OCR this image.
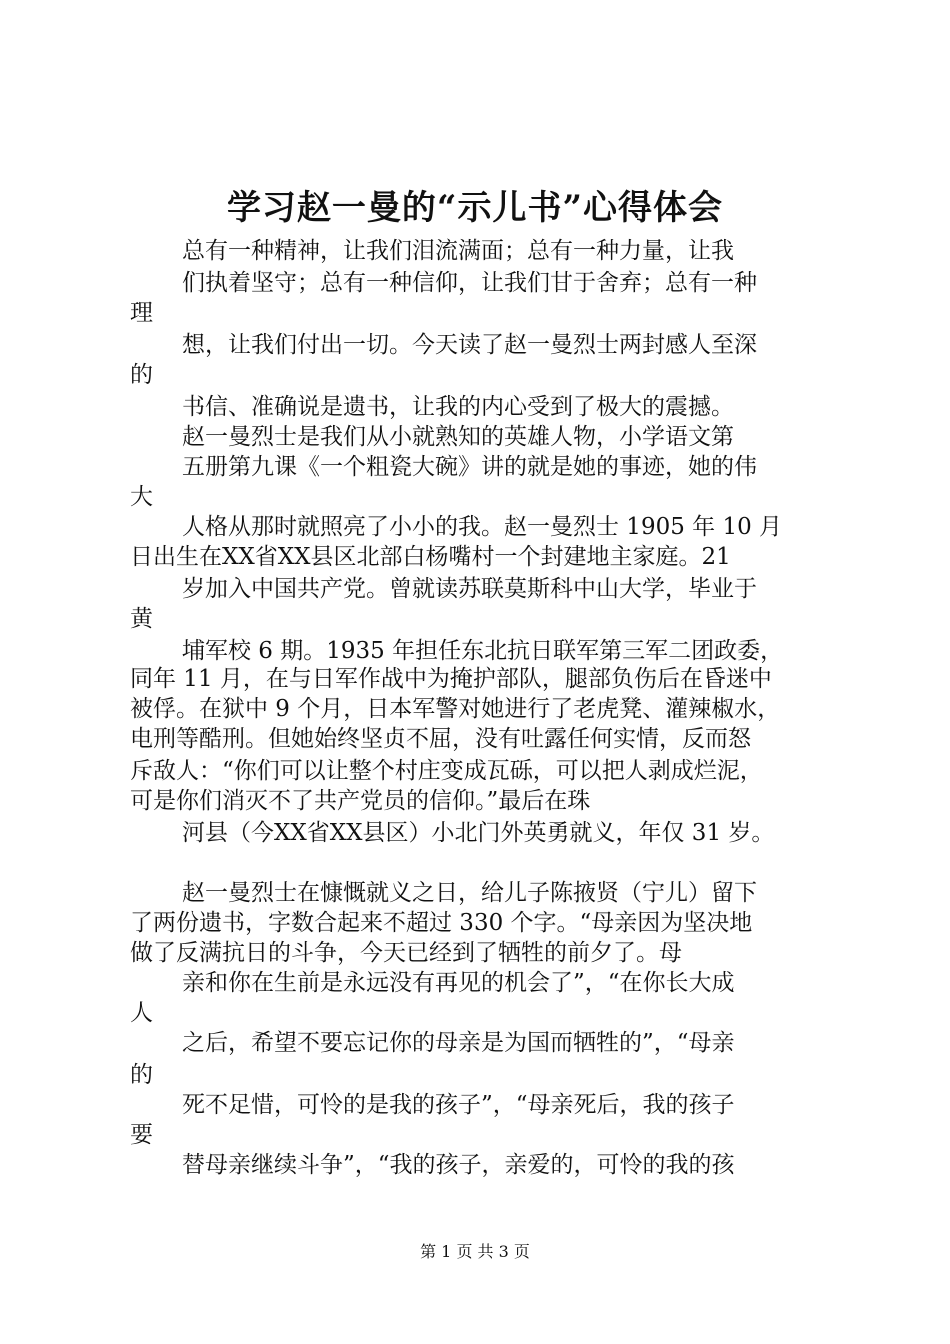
学习赵一曼的“示儿书”心得体会
总有一种精神，让我们泪流满面；总有一种力量，让我
们执着坚守；总有一种信仰，让我们甘于舍弃；总有一种
理
想，让我们付出一切。今天读了赵一曼烈士两封感人至深
的
书信、准确说是遗书，让我的内心受到了极大的震撼。
赵一曼烈士是我们从小就熟知的英雄人物，小学语文第
五册第九课《一个粗瓷大碗》讲的就是她的事迹，她的伟
大
人格从那时就照亮了小小的我。赵一曼烈士 1905 年 10 月
日出生在XX省XX县区北部白杨嘴村一个封建地主家庭。21
岁加入中国共产党。曾就读苏联莫斯科中山大学，毕业于
黄
埔军校 6 期。1935 年担任东北抗日联军第三军二团政委，
同年 11 月，在与日军作战中为掩护部队，腿部负伤后在昏迷中
被俘。在狱中 9 个月，日本军警对她进行了老虎凳、灌辣椒水，
电刑等酷刑。但她始终坚贞不屈，没有吐露任何实情，反而怒
斥敌人：“你们可以让整个村庄变成瓦砾，可以把人剥成烂泥，
可是你们消灭不了共产党员的信仰。”最后在珠
河县（今XX省XX县区）小北门外英勇就义，年仅 31 岁。
赵一曼烈士在慷慨就义之日，给儿子陈掖贤（宁儿）留下
了两份遗书，字数合起来不超过 330 个字。“母亲因为坚决地
做了反满抗日的斗争，今天已经到了牺牲的前夕了。母
亲和你在生前是永远没有再见的机会了”，“在你长大成
人
之后，希望不要忘记你的母亲是为国而牺牲的”，“母亲
的
死不足惜，可怜的是我的孩子”，“母亲死后，我的孩子
要
替母亲继续斗争”，“我的孩子，亲爱的，可怜的我的孩
第 1 页 共 3 页
